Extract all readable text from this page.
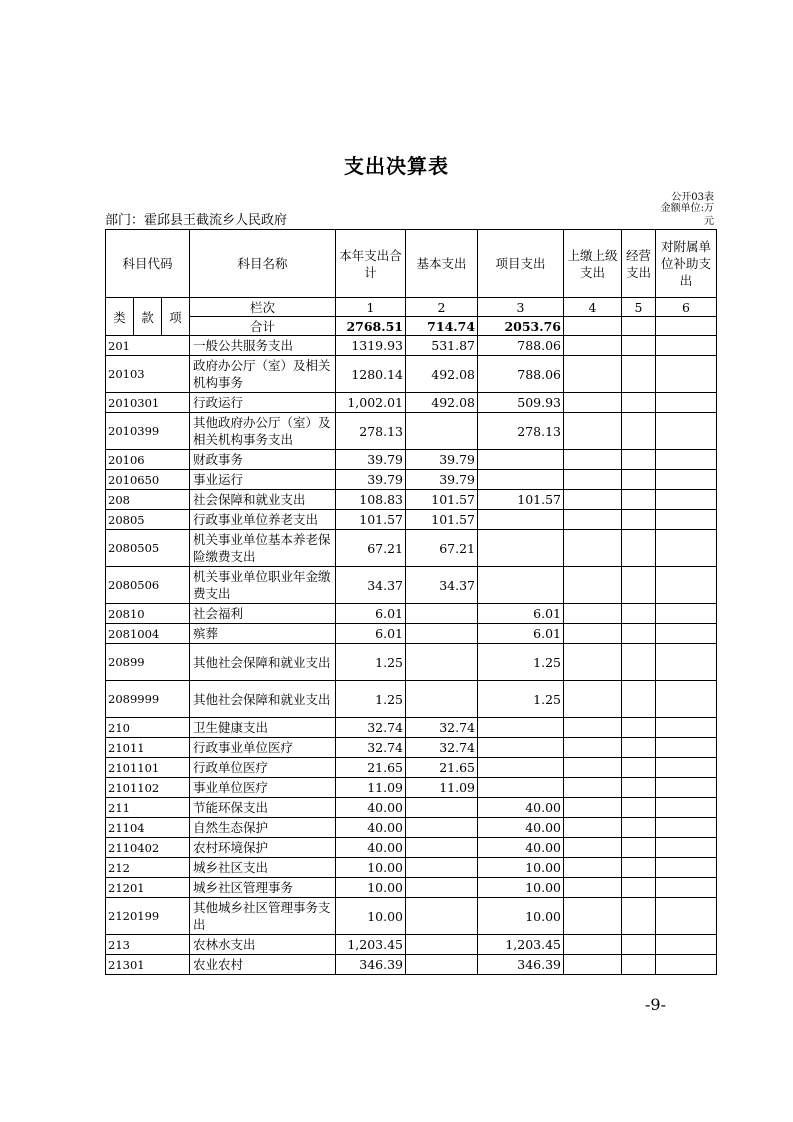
支出决算表
公开03表
金额单位:万元
部门：霍邱县王截流乡人民政府
科目代码			科目名称	本年支出合计	基本支出	项目支出	上缴上级支出	经营支出	对附属单位补助支出
类	款	项	栏次	1	2	3	4	5	6
			合计	2768.51	714.74	2053.76			
201			一般公共服务支出	1319.93	531.87	788.06			
20103			政府办公厅（室）及相关机构事务	1280.14	492.08	788.06			
2010301			行政运行	1,002.01	492.08	509.93			
2010399			其他政府办公厅（室）及相关机构事务支出	278.13		278.13			
20106			财政事务	39.79	39.79				
2010650			事业运行	39.79	39.79				
208			社会保障和就业支出	108.83	101.57	101.57			
20805			行政事业单位养老支出	101.57	101.57				
2080505			机关事业单位基本养老保险缴费支出	67.21	67.21				
2080506			机关事业单位职业年金缴费支出	34.37	34.37				
20810			社会福利	6.01		6.01			
2081004			殡葬	6.01		6.01			
20899			其他社会保障和就业支出	1.25		1.25			
2089999			其他社会保障和就业支出	1.25		1.25			
210			卫生健康支出	32.74	32.74				
21011			行政事业单位医疗	32.74	32.74				
2101101			行政单位医疗	21.65	21.65				
2101102			事业单位医疗	11.09	11.09				
211			节能环保支出	40.00		40.00			
21104			自然生态保护	40.00		40.00			
2110402			农村环境保护	40.00		40.00			
212			城乡社区支出	10.00		10.00			
21201			城乡社区管理事务	10.00		10.00			
2120199			其他城乡社区管理事务支出	10.00		10.00			
213			农林水支出	1,203.45		1,203.45			
21301			农业农村	346.39		346.39			
-9-
